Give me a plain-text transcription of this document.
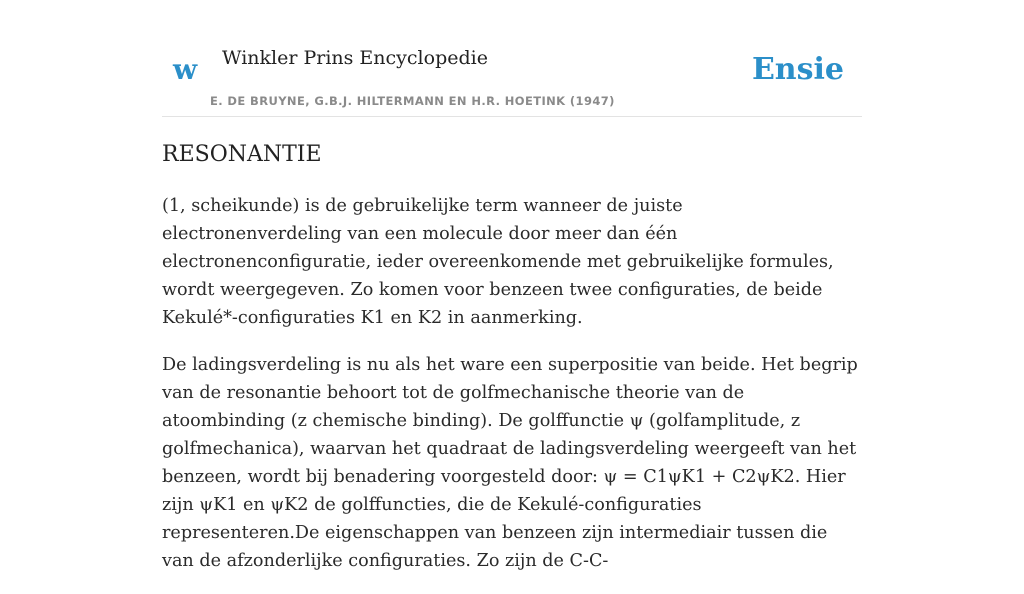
w Winkler Prins Encyclopedie
E. DE BRUYNE, G.B.J. HILTERMANN EN H.R. HOETINK (1947)
Ensie
RESONANTIE

(1, scheikunde) is de gebruikelijke term wanneer de juiste electronenverdeling van een molecule door meer dan één electronenconfiguratie, ieder overeenkomende met gebruikelijke formules, wordt weergegeven. Zo komen voor benzeen twee configuraties, de beide Kekulé*-configuraties K1 en K2 in aanmerking.

De ladingsverdeling is nu als het ware een superpositie van beide. Het begrip van de resonantie behoort tot de golfmechanische theorie van de atoombinding (z chemische binding). De golffunctie ψ (golfamplitude, z golfmechanica), waarvan het quadraat de ladingsverdeling weergeeft van het benzeen, wordt bij benadering voorgesteld door: ψ = C1ψK1 + C2ψK2. Hier zijn ψK1 en ψK2 de golffuncties, die de Kekulé-configuraties representeren.De eigenschappen van benzeen zijn intermediair tussen die van de afzonderlijke configuraties. Zo zijn de C-C-
